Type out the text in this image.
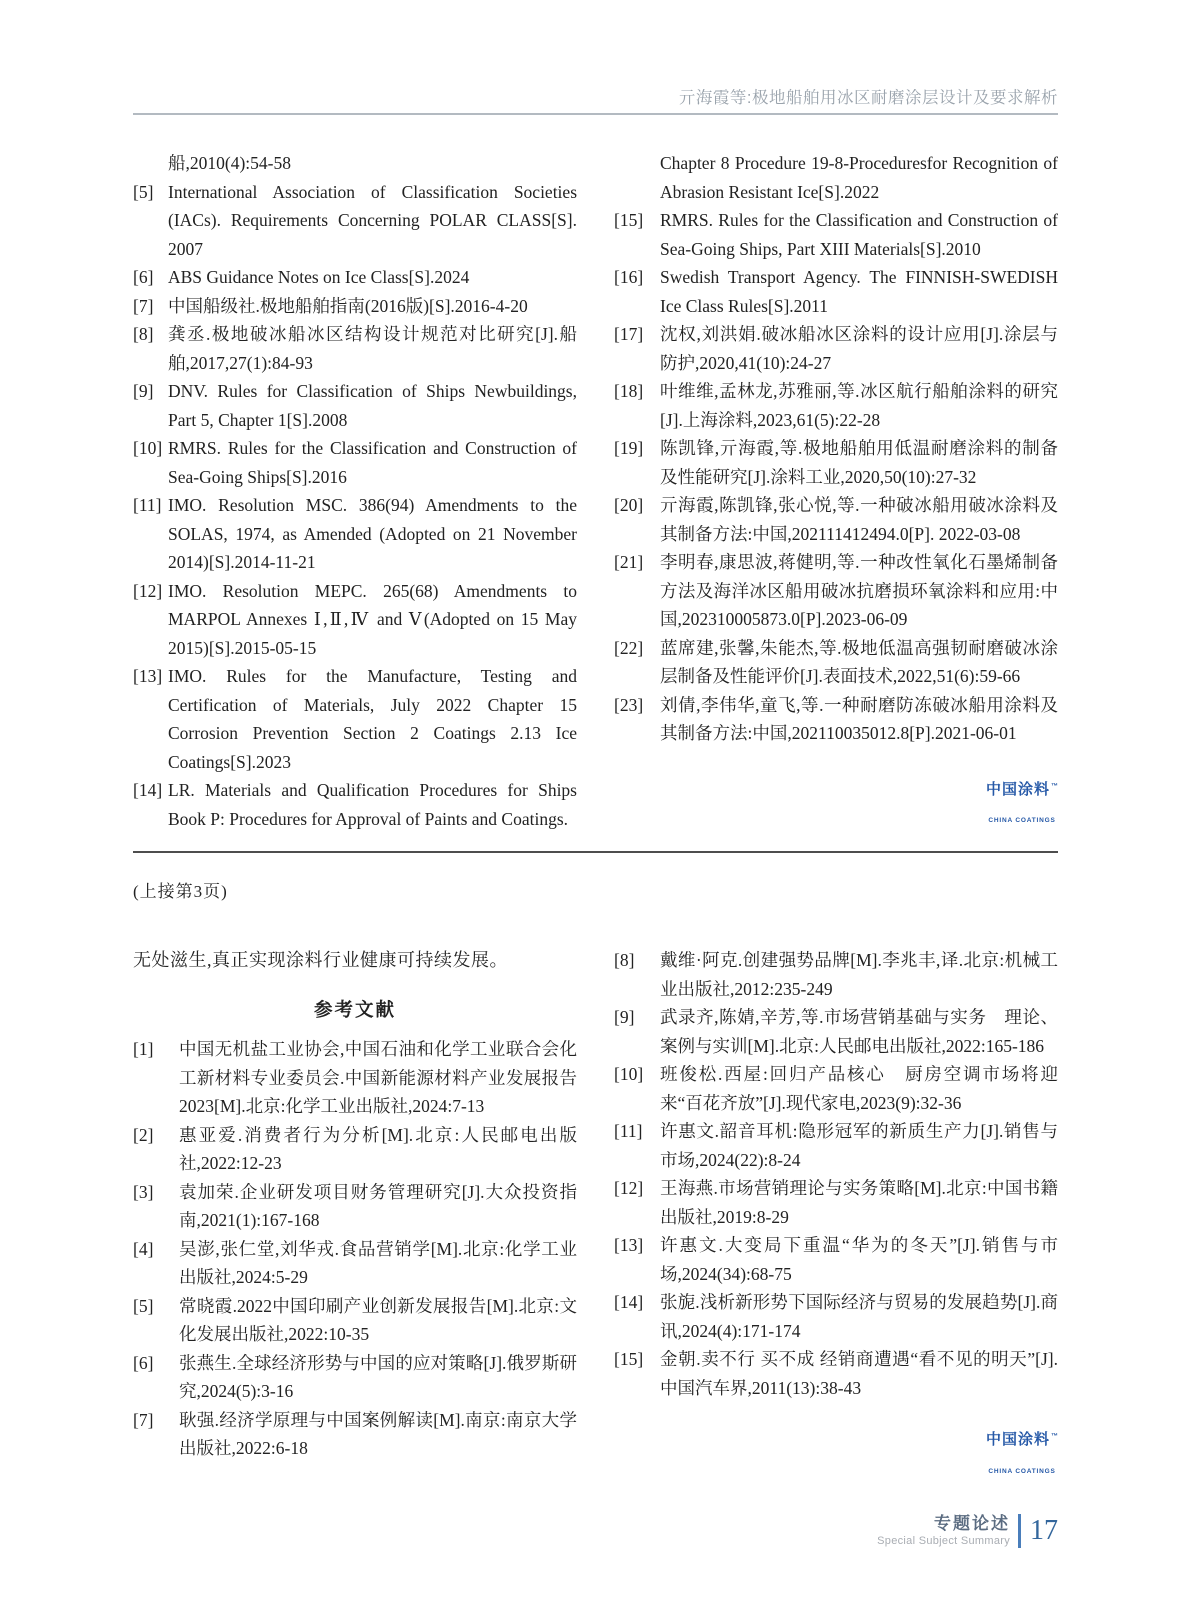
亓海霞等:极地船舶用冰区耐磨涂层设计及要求解析
船,2010(4):54-58
[5] International Association of Classification Societies (IACs). Requirements Concerning POLAR CLASS[S]. 2007
[6] ABS Guidance Notes on Ice Class[S].2024
[7] 中国船级社.极地船舶指南(2016版)[S].2016-4-20
[8] 龚丞.极地破冰船冰区结构设计规范对比研究[J].船舶,2017,27(1):84-93
[9] DNV. Rules for Classification of Ships Newbuildings, Part 5, Chapter 1[S].2008
[10] RMRS. Rules for the Classification and Construction of Sea-Going Ships[S].2016
[11] IMO. Resolution MSC. 386(94) Amendments to the SOLAS, 1974, as Amended (Adopted on 21 November 2014)[S].2014-11-21
[12] IMO. Resolution MEPC. 265(68) Amendments to MARPOL Annexes Ⅰ,Ⅱ,Ⅳ and Ⅴ(Adopted on 15 May 2015)[S].2015-05-15
[13] IMO. Rules for the Manufacture, Testing and Certification of Materials, July 2022 Chapter 15 Corrosion Prevention Section 2 Coatings 2.13 Ice Coatings[S].2023
[14] LR. Materials and Qualification Procedures for Ships Book P: Procedures for Approval of Paints and Coatings.
Chapter 8 Procedure 19-8-Proceduresfor Recognition of Abrasion Resistant Ice[S].2022
[15] RMRS. Rules for the Classification and Construction of Sea-Going Ships, Part XIII Materials[S].2010
[16] Swedish Transport Agency. The FINNISH-SWEDISH Ice Class Rules[S].2011
[17] 沈权,刘洪娟.破冰船冰区涂料的设计应用[J].涂层与防护,2020,41(10):24-27
[18] 叶维维,孟林龙,苏雅丽,等.冰区航行船舶涂料的研究[J].上海涂料,2023,61(5):22-28
[19] 陈凯锋,亓海霞,等.极地船舶用低温耐磨涂料的制备及性能研究[J].涂料工业,2020,50(10):27-32
[20] 亓海霞,陈凯锋,张心悦,等.一种破冰船用破冰涂料及其制备方法:中国,202111412494.0[P]. 2022-03-08
[21] 李明春,康思波,蒋健明,等.一种改性氧化石墨烯制备方法及海洋冰区船用破冰抗磨损环氧涂料和应用:中国,202310005873.0[P].2023-06-09
[22] 蓝席建,张馨,朱能杰,等.极地低温高强韧耐磨破冰涂层制备及性能评价[J].表面技术,2022,51(6):59-66
[23] 刘倩,李伟华,童飞,等.一种耐磨防冻破冰船用涂料及其制备方法:中国,202110035012.8[P].2021-06-01
中国涂料™
CHINA COATINGS
(上接第3页)
无处滋生,真正实现涂料行业健康可持续发展。
参考文献
[1]	中国无机盐工业协会,中国石油和化学工业联合会化工新材料专业委员会.中国新能源材料产业发展报告2023[M].北京:化学工业出版社,2024:7-13
[2]	惠亚爱.消费者行为分析[M].北京:人民邮电出版社,2022:12-23
[3]	袁加荣.企业研发项目财务管理研究[J].大众投资指南,2021(1):167-168
[4]	吴澎,张仁堂,刘华戎.食品营销学[M].北京:化学工业出版社,2024:5-29
[5]	常晓霞.2022中国印刷产业创新发展报告[M].北京:文化发展出版社,2022:10-35
[6]	张燕生.全球经济形势与中国的应对策略[J].俄罗斯研究,2024(5):3-16
[7]	耿强.经济学原理与中国案例解读[M].南京:南京大学出版社,2022:6-18
[8]	戴维·阿克.创建强势品牌[M].李兆丰,译.北京:机械工业出版社,2012:235-249
[9]	武录齐,陈婧,辛芳,等.市场营销基础与实务　理论、案例与实训[M].北京:人民邮电出版社,2022:165-186
[10] 班俊松.西屋:回归产品核心　厨房空调市场将迎来“百花齐放”[J].现代家电,2023(9):32-36
[11] 许惠文.韶音耳机:隐形冠军的新质生产力[J].销售与市场,2024(22):8-24
[12] 王海燕.市场营销理论与实务策略[M].北京:中国书籍出版社,2019:8-29
[13] 许惠文.大变局下重温“华为的冬天”[J].销售与市场,2024(34):68-75
[14] 张旎.浅析新形势下国际经济与贸易的发展趋势[J].商讯,2024(4):171-174
[15] 金朝.卖不行 买不成 经销商遭遇“看不见的明天”[J].中国汽车界,2011(13):38-43
中国涂料™
CHINA COATINGS
专题论述
Special Subject Summary 17
